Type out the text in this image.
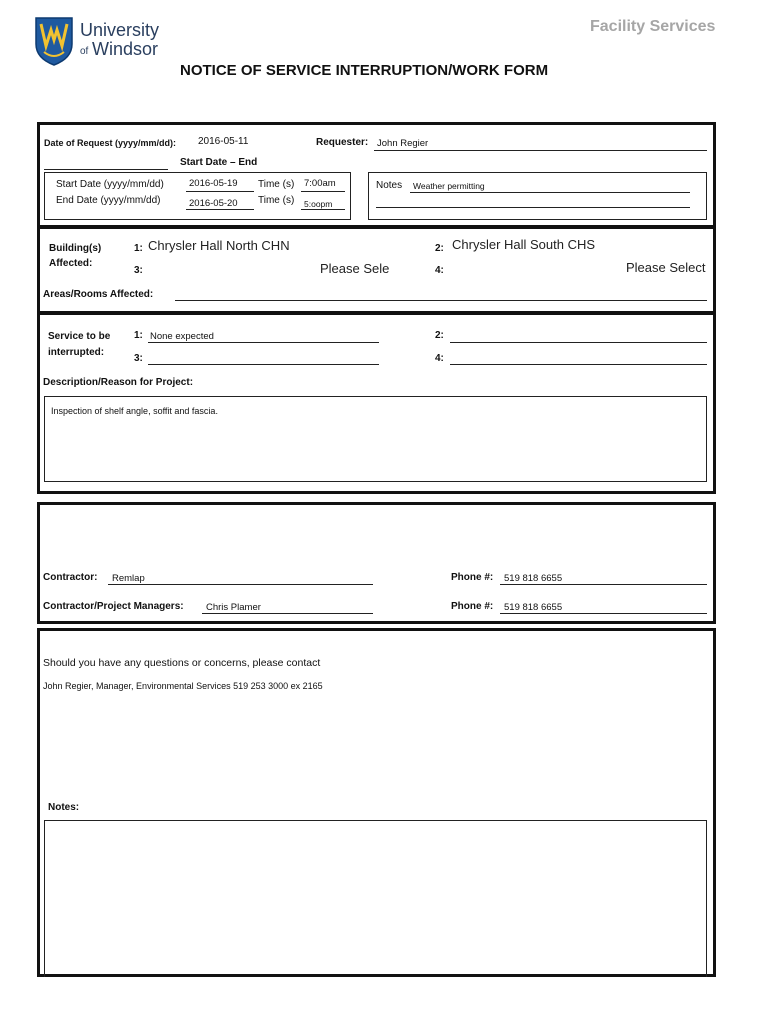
University
of Windsor
Facility Services
NOTICE OF SERVICE INTERRUPTION/WORK FORM
Date of Request (yyyy/mm/dd): 2016-05-11	Requester: John Regier
Start Date – End
Start Date (yyyy/mm/dd)	2016-05-19 Time (s) 7:00am
End Date (yyyy/mm/dd)	2016-05-20 Time (s) 5:oopm
Notes Weather permitting
Building(s)
Affected:
1: Chrysler Hall North CHN	2: Chrysler Hall South CHS
3:	Please Sele	4:	Please Select
Areas/Rooms Affected:
Service to be
interrupted:
1: None expected	2:
3:	4:
Description/Reason for Project:
Inspection of shelf angle, soffit and fascia.
Contractor: Remlap	Phone #: 519 818 6655
Contractor/Project Managers: Chris Plamer	Phone #: 519 818 6655
Should you have any questions or concerns, please contact
John Regier, Manager, Environmental Services 519 253 3000 ex 2165
Notes:
